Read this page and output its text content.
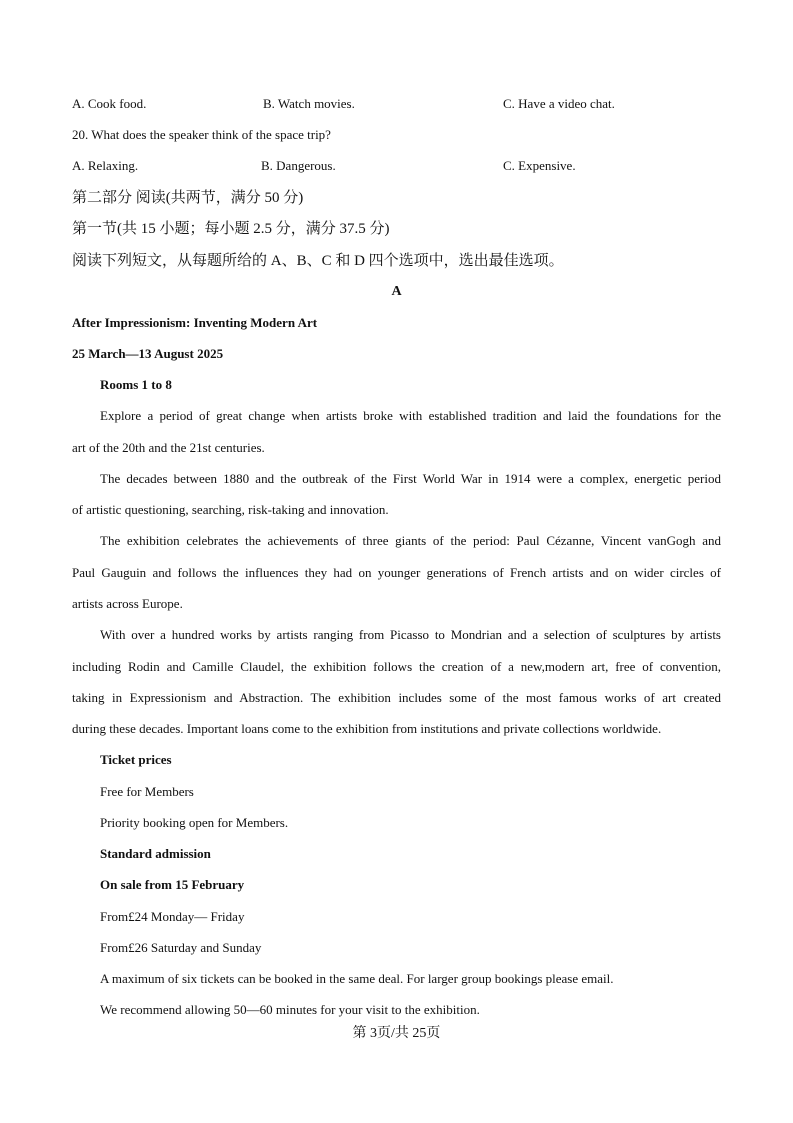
A. Cook food.	B. Watch movies.	C. Have a video chat.
20. What does the speaker think of the space trip?
A. Relaxing.	B. Dangerous.	C. Expensive.
第二部分 阅读(共两节，满分 50 分)
第一节(共 15 小题；每小题 2.5 分，满分 37.5 分)
阅读下列短文，从每题所给的 A、B、C 和 D 四个选项中，选出最佳选项。
A
After Impressionism: Inventing Modern Art
25 March—13 August 2025
Rooms 1 to 8
Explore a period of great change when artists broke with established tradition and laid the foundations for the
art of the 20th and the 21st centuries.
The decades between 1880 and the outbreak of the First World War in 1914 were a complex, energetic period
of artistic questioning, searching, risk-taking and innovation.
The exhibition celebrates the achievements of three giants of the period: Paul Cézanne, Vincent vanGogh and
Paul Gauguin and follows the influences they had on younger generations of French artists and on wider circles of
artists across Europe.
With over a hundred works by artists ranging from Picasso to Mondrian and a selection of sculptures by artists
including Rodin and Camille Claudel, the exhibition follows the creation of a new,modern art, free of convention,
taking in Expressionism and Abstraction. The exhibition includes some of the most famous works of art created
during these decades. Important loans come to the exhibition from institutions and private collections worldwide.
Ticket prices
Free for Members
Priority booking open for Members.
Standard admission
On sale from 15 February
From£24 Monday— Friday
From£26 Saturday and Sunday
A maximum of six tickets can be booked in the same deal. For larger group bookings please email.
We recommend allowing 50—60 minutes for your visit to the exhibition.
第 3页/共 25页
